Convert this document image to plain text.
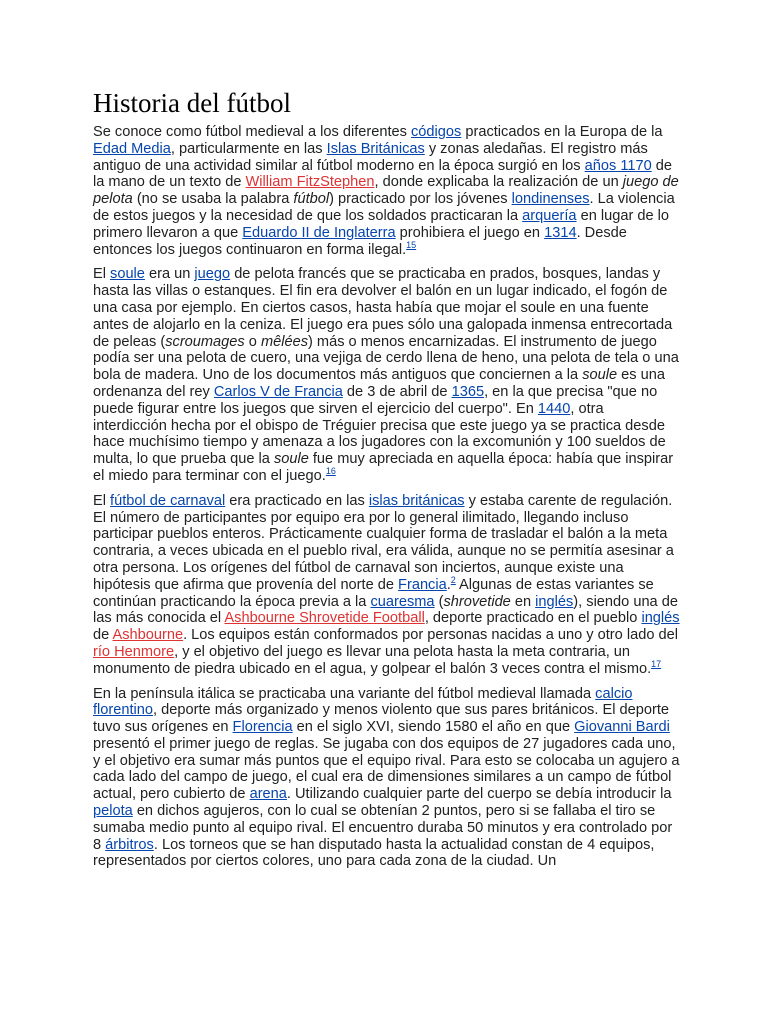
Historia del fútbol

Se conoce como fútbol medieval a los diferentes códigos practicados en la Europa de la Edad Media, particularmente en las Islas Británicas y zonas aledañas. El registro más antiguo de una actividad similar al fútbol moderno en la época surgió en los años 1170 de la mano de un texto de William FitzStephen, donde explicaba la realización de un juego de pelota (no se usaba la palabra fútbol) practicado por los jóvenes londinenses. La violencia de estos juegos y la necesidad de que los soldados practicaran la arquería en lugar de lo primero llevaron a que Eduardo II de Inglaterra prohibiera el juego en 1314. Desde entonces los juegos continuaron en forma ilegal.$^{15}$

El soule era un juego de pelota francés que se practicaba en prados, bosques, landas y hasta las villas o estanques. El fin era devolver el balón en un lugar indicado, el fogón de una casa por ejemplo. En ciertos casos, hasta había que mojar el soule en una fuente antes de alojarlo en la ceniza. El juego era pues sólo una galopada inmensa entrecortada de peleas (scroumages o mêlées) más o menos encarnizadas. El instrumento de juego podía ser una pelota de cuero, una vejiga de cerdo llena de heno, una pelota de tela o una bola de madera. Uno de los documentos más antiguos que conciernen a la soule es una ordenanza del rey Carlos V de Francia de 3 de abril de 1365, en la que precisa "que no puede figurar entre los juegos que sirven el ejercicio del cuerpo". En 1440, otra interdicción hecha por el obispo de Tréguier precisa que este juego ya se practica desde hace muchísimo tiempo y amenaza a los jugadores con la excomunión y 100 sueldos de multa, lo que prueba que la soule fue muy apreciada en aquella época: había que inspirar el miedo para terminar con el juego.$^{16}$

El fútbol de carnaval era practicado en las islas británicas y estaba carente de regulación. El número de participantes por equipo era por lo general ilimitado, llegando incluso participar pueblos enteros. Prácticamente cualquier forma de trasladar el balón a la meta contraria, a veces ubicada en el pueblo rival, era válida, aunque no se permitía asesinar a otra persona. Los orígenes del fútbol de carnaval son inciertos, aunque existe una hipótesis que afirma que provenía del norte de Francia.$^2$ Algunas de estas variantes se continúan practicando la época previa a la cuaresma (shrovetide en inglés), siendo una de las más conocida el Ashbourne Shrovetide Football, deporte practicado en el pueblo inglés de Ashbourne. Los equipos están conformados por personas nacidas a uno y otro lado del río Henmore, y el objetivo del juego es llevar una pelota hasta la meta contraria, un monumento de piedra ubicado en el agua, y golpear el balón 3 veces contra el mismo.$^{17}$

En la península itálica se practicaba una variante del fútbol medieval llamada calcio florentino, deporte más organizado y menos violento que sus pares británicos. El deporte tuvo sus orígenes en Florencia en el siglo XVI, siendo 1580 el año en que Giovanni Bardi presentó el primer juego de reglas. Se jugaba con dos equipos de 27 jugadores cada uno, y el objetivo era sumar más puntos que el equipo rival. Para esto se colocaba un agujero a cada lado del campo de juego, el cual era de dimensiones similares a un campo de fútbol actual, pero cubierto de arena. Utilizando cualquier parte del cuerpo se debía introducir la pelota en dichos agujeros, con lo cual se obtenían 2 puntos, pero si se fallaba el tiro se sumaba medio punto al equipo rival. El encuentro duraba 50 minutos y era controlado por 8 árbitros. Los torneos que se han disputado hasta la actualidad constan de 4 equipos, representados por ciertos colores, uno para cada zona de la ciudad. Un
